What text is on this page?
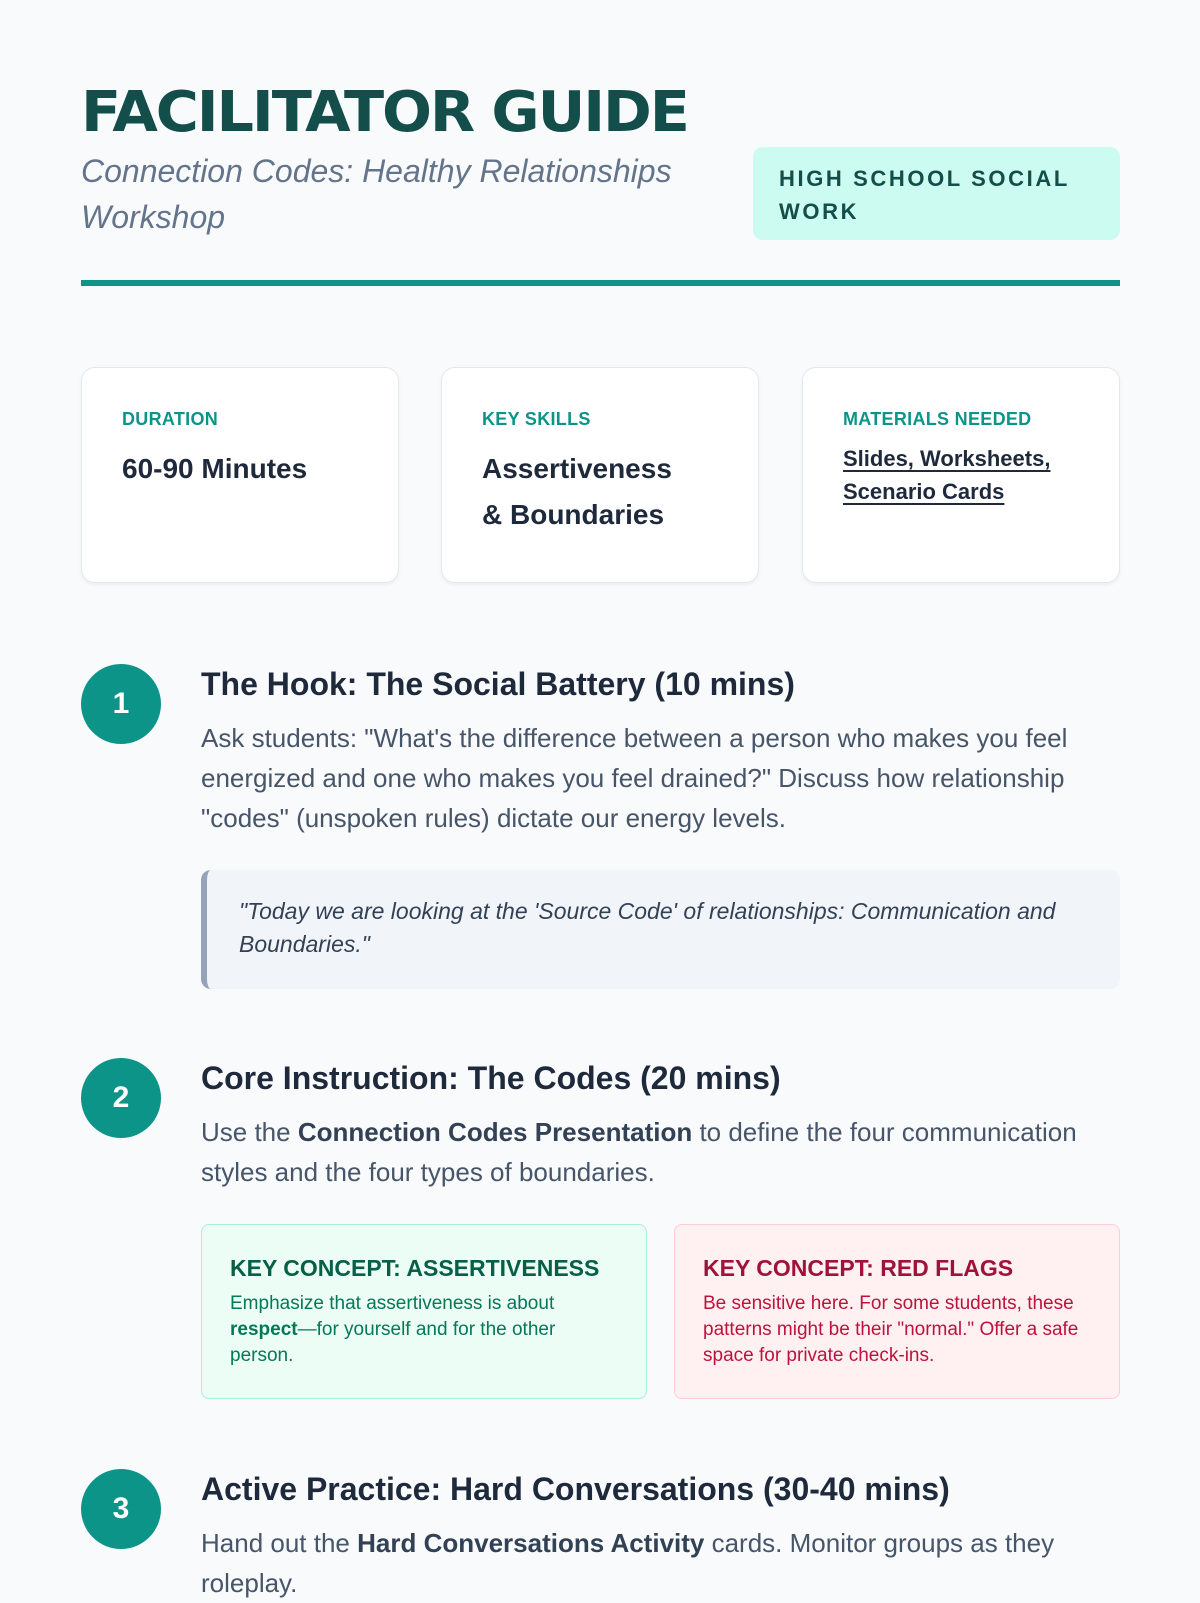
FACILITATOR GUIDE

Connection Codes: Healthy Relationships Workshop

HIGH SCHOOL SOCIAL WORK
DURATION
60-90 Minutes
KEY SKILLS
Assertiveness
& Boundaries
MATERIALS NEEDED
Slides, Worksheets, Scenario Cards
1
The Hook: The Social Battery (10 mins)

Ask students: "What's the difference between a person who makes you feel energized and one who makes you feel drained?" Discuss how relationship "codes" (unspoken rules) dictate our energy levels.

"Today we are looking at the 'Source Code' of relationships: Communication and Boundaries."
2
Core Instruction: The Codes (20 mins)

Use the Connection Codes Presentation to define the four communication styles and the four types of boundaries.

KEY CONCEPT: ASSERTIVENESS
Emphasize that assertiveness is about respect—for yourself and for the other person.
KEY CONCEPT: RED FLAGS
Be sensitive here. For some students, these patterns might be their "normal." Offer a safe space for private check-ins.
3
Active Practice: Hard Conversations (30-40 mins)

Hand out the Hard Conversations Activity cards. Monitor groups as they roleplay.
